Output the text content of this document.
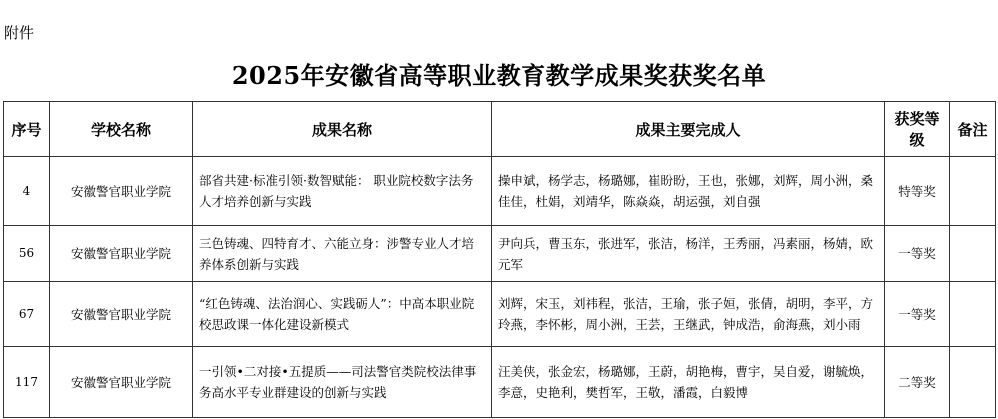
附件
2025年安徽省高等职业教育教学成果奖获奖名单
序号	学校名称	成果名称	成果主要完成人	获奖等级	备注
4	安徽警官职业学院	部省共建·标准引领·数智赋能： 职业院校数字法务人才培养创新与实践	操申斌，杨学志，杨璐娜，崔盼盼，王也，张娜，刘辉，周小洲，桑佳佳，杜娟，刘靖华，陈焱焱，胡运强，刘自强	特等奖	
56	安徽警官职业学院	三色铸魂、四特育才、六能立身：涉警专业人才培养体系创新与实践	尹向兵，曹玉东，张进军，张洁，杨洋，王秀丽，冯素丽，杨婧，欧元军	一等奖	
67	安徽警官职业学院	“红色铸魂、法治润心、实践砺人”：中高本职业院校思政课一体化建设新模式	刘辉，宋玉，刘祎程，张洁，王瑜，张子姮，张倩，胡明，李平，方玲燕，李怀彬，周小洲，王芸，王继武，钟成浩，俞海燕，刘小雨	一等奖	
117	安徽警官职业学院	一引领•二对接•五提质——司法警官类院校法律事务高水平专业群建设的创新与实践	汪美侠，张金宏，杨璐娜，王蔚，胡艳梅，曹宇，吴自爱，谢毓焕，李意，史艳利，樊哲军，王敬，潘霞，白毅博	二等奖	
